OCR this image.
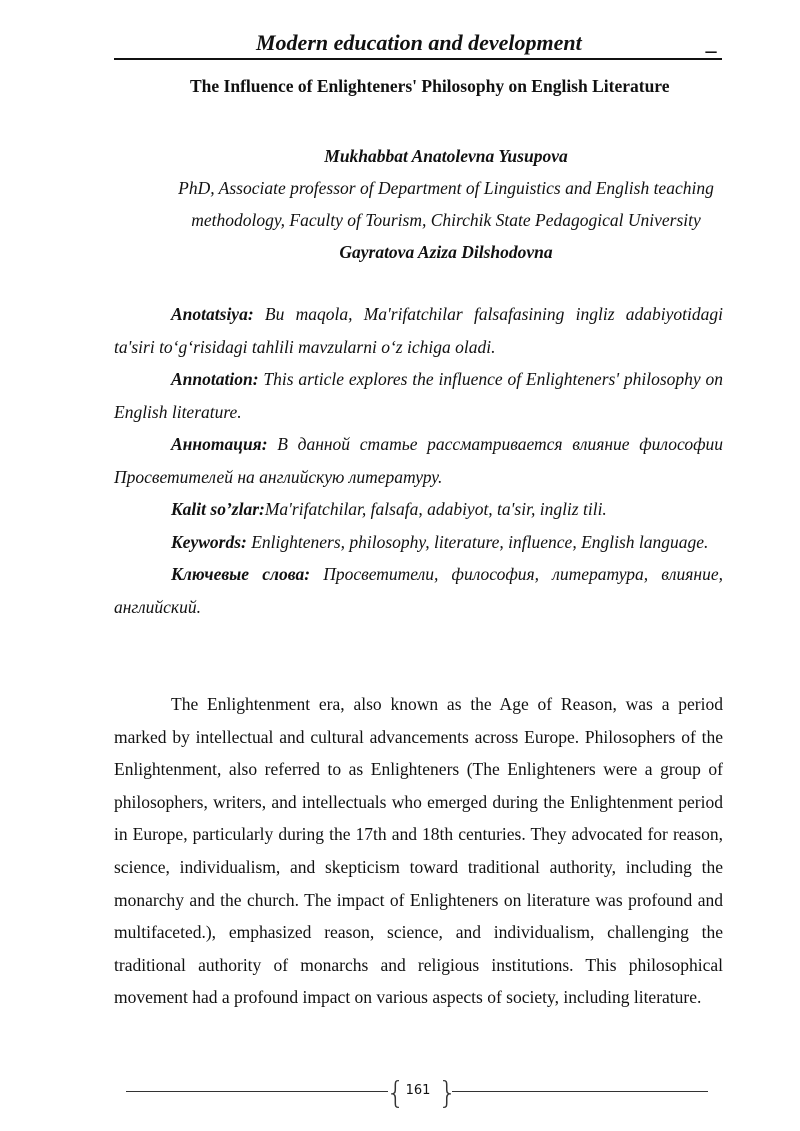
Modern education and development	_
The Influence of Enlighteners' Philosophy on English Literature
Mukhabbat Anatolevna Yusupova
PhD, Associate professor of Department of Linguistics and English teaching
methodology, Faculty of Tourism, Chirchik State Pedagogical University
Gayratova Aziza Dilshodovna

Anotatsiya: Bu maqola, Ma'rifatchilar falsafasining ingliz adabiyotidagi ta'siri to‘g‘risidagi tahlili mavzularni o‘z ichiga oladi.

Annotation: This article explores the influence of Enlighteners' philosophy on English literature.

Аннотация: В данной статье рассматривается влияние философии Просветителей на английскую литературу.

Kalit so’zlar:Ma'rifatchilar, falsafa, adabiyot, ta'sir, ingliz tili.

Keywords: Enlighteners, philosophy, literature, influence, English language.

Ключевые слова: Просветители, философия, литература, влияние, английский.

The Enlightenment era, also known as the Age of Reason, was a period marked by intellectual and cultural advancements across Europe. Philosophers of the Enlightenment, also referred to as Enlighteners (The Enlighteners were a group of philosophers, writers, and intellectuals who emerged during the Enlightenment period in Europe, particularly during the 17th and 18th centuries. They advocated for reason, science, individualism, and skepticism toward traditional authority, including the monarchy and the church. The impact of Enlighteners on literature was profound and multifaceted.), emphasized reason, science, and individualism, challenging the traditional authority of monarchs and religious institutions. This philosophical movement had a profound impact on various aspects of society, including literature.

{ 161 }
